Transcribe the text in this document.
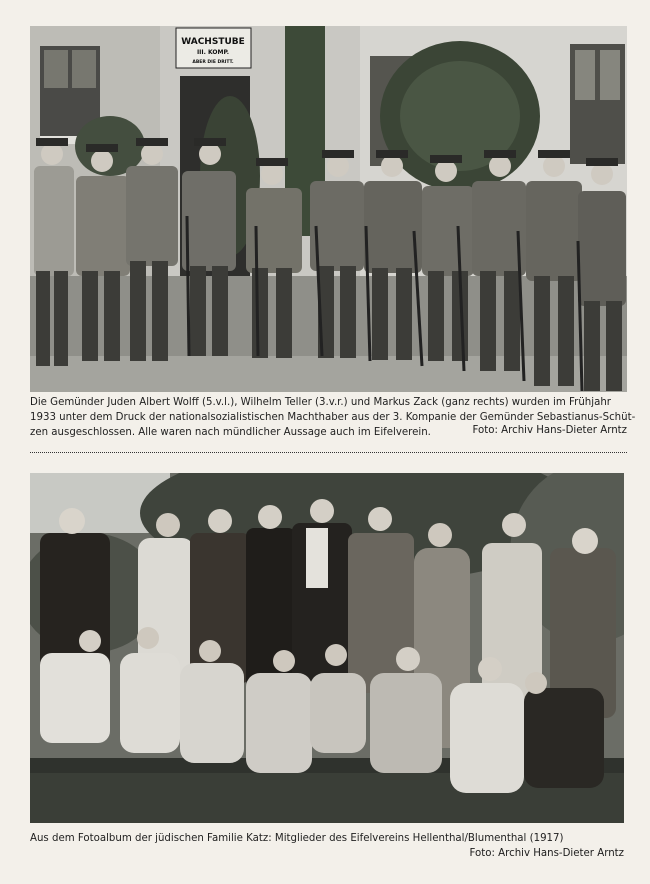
WACHSTUBE
III. KOMP.
ABER DIE DRITT.
Die Gemünder Juden Albert Wolff (5.v.l.), Wilhelm Teller (3.v.r.) und Markus Zack (ganz rechts) wurden im Frühjahr
1933 unter dem Druck der nationalsozialistischen Machthaber aus der 3. Kompanie der Gemünder Sebastianus-Schüt-
zen ausgeschlossen. Alle waren nach mündlicher Aussage auch im Eifelverein.	Foto: Archiv Hans-Dieter Arntz
Aus dem Fotoalbum der jüdischen Familie Katz: Mitglieder des Eifelvereins Hellenthal/Blumenthal (1917)
Foto: Archiv Hans-Dieter Arntz
